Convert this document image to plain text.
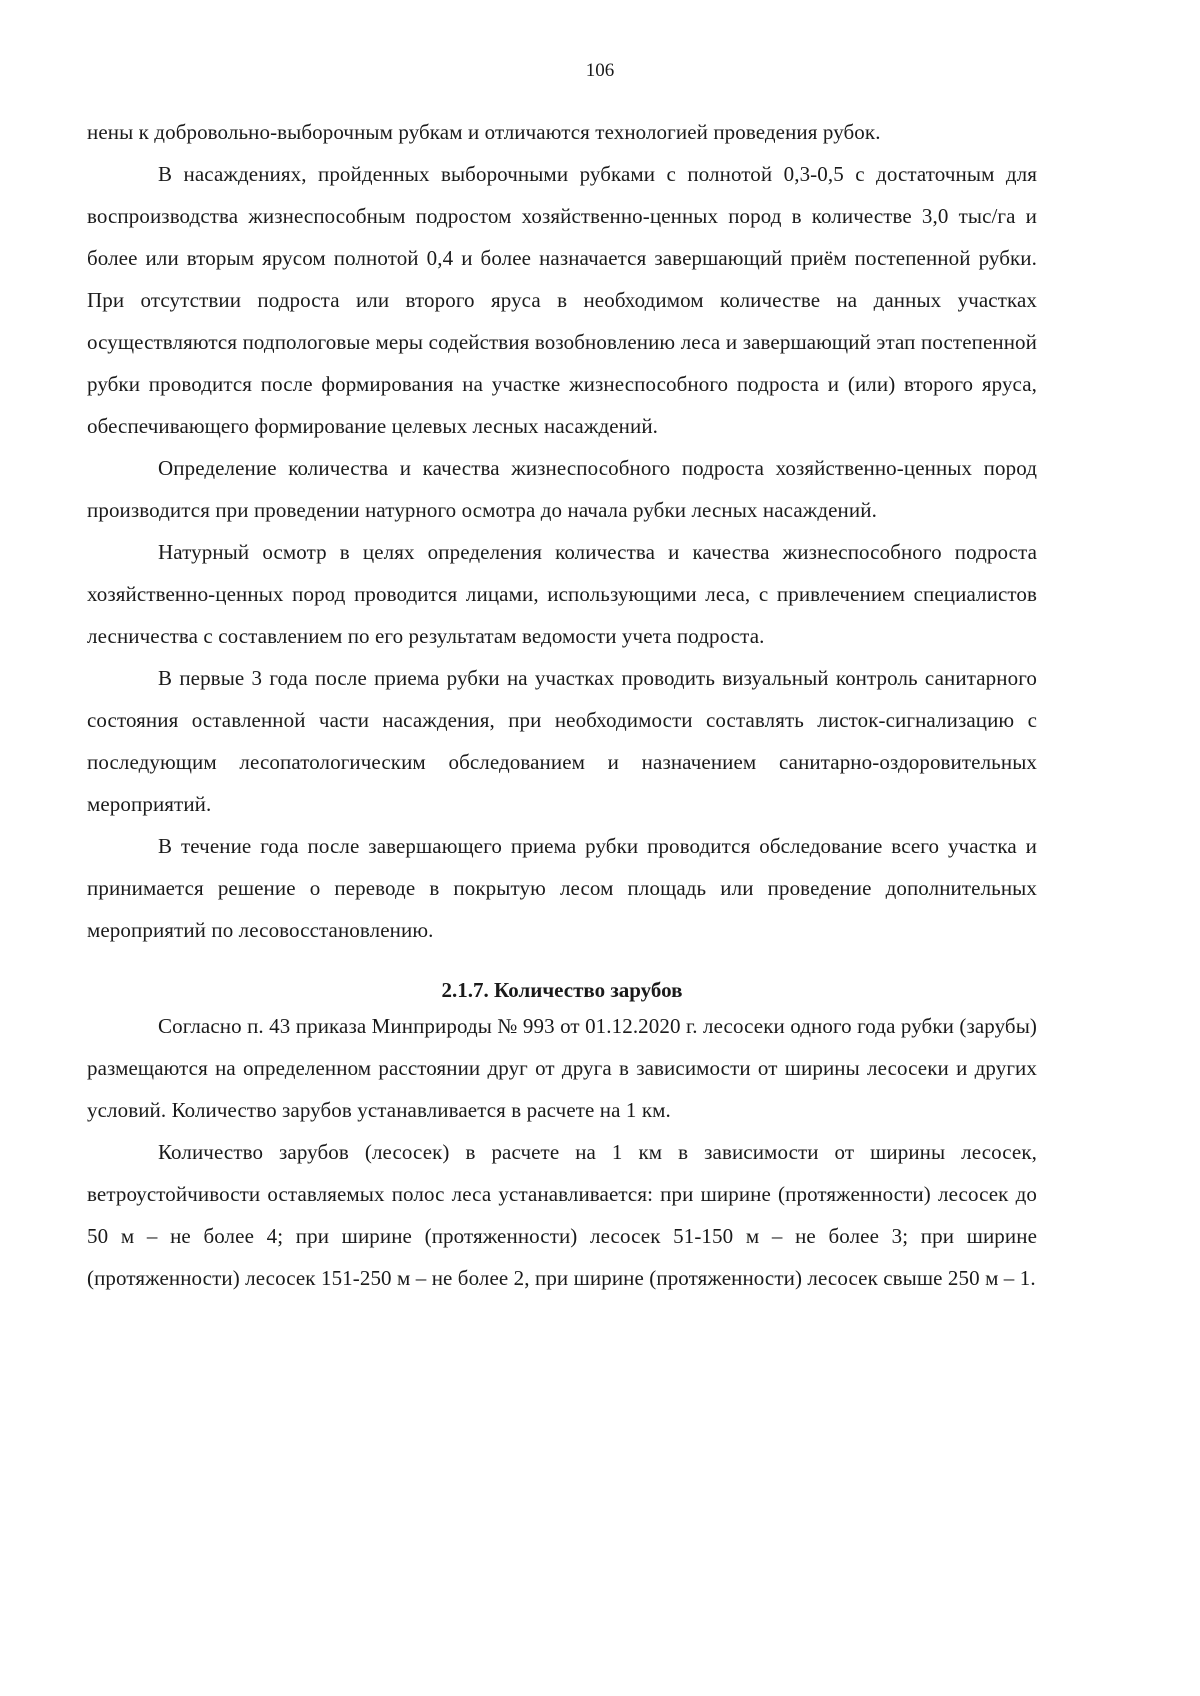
106

нены к добровольно-выборочным рубкам и отличаются технологией проведения рубок.

В насаждениях, пройденных выборочными рубками с полнотой 0,3-0,5 с достаточным для воспроизводства жизнеспособным подростом хозяйственно-ценных пород в количестве 3,0 тыс/га и более или вторым ярусом полнотой 0,4 и более назначается завершающий приём постепенной рубки. При отсутствии подроста или второго яруса в необходимом количестве на данных участках осуществляются подпологовые меры содействия возобновлению леса и завершающий этап постепенной рубки проводится после формирования на участке жизнеспособного подроста и (или) второго яруса, обеспечивающего формирование целевых лесных насаждений.

Определение количества и качества жизнеспособного подроста хозяйственно-ценных пород производится при проведении натурного осмотра до начала рубки лесных насаждений.

Натурный осмотр в целях определения количества и качества жизнеспособного подроста хозяйственно-ценных пород проводится лицами, использующими леса, с привлечением специалистов лесничества с составлением по его результатам ведомости учета подроста.

В первые 3 года после приема рубки на участках проводить визуальный контроль санитарного состояния оставленной части насаждения, при необходимости составлять листок-сигнализацию с последующим лесопатологическим обследованием и назначением санитарно-оздоровительных мероприятий.

В течение года после завершающего приема рубки проводится обследование всего участка и принимается решение о переводе в покрытую лесом площадь или проведение дополнительных мероприятий по лесовосстановлению.

2.1.7. Количество зарубов

Согласно п. 43 приказа Минприроды № 993 от 01.12.2020 г. лесосеки одного года рубки (зарубы) размещаются на определенном расстоянии друг от друга в зависимости от ширины лесосеки и других условий. Количество зарубов устанавливается в расчете на 1 км.

Количество зарубов (лесосек) в расчете на 1 км в зависимости от ширины лесосек, ветроустойчивости оставляемых полос леса устанавливается: при ширине (протяженности) лесосек до 50 м – не более 4; при ширине (протяженности) лесосек 51-150 м – не более 3; при ширине (протяженности) лесосек 151-250 м – не более 2, при ширине (протяженности) лесосек свыше 250 м – 1.
